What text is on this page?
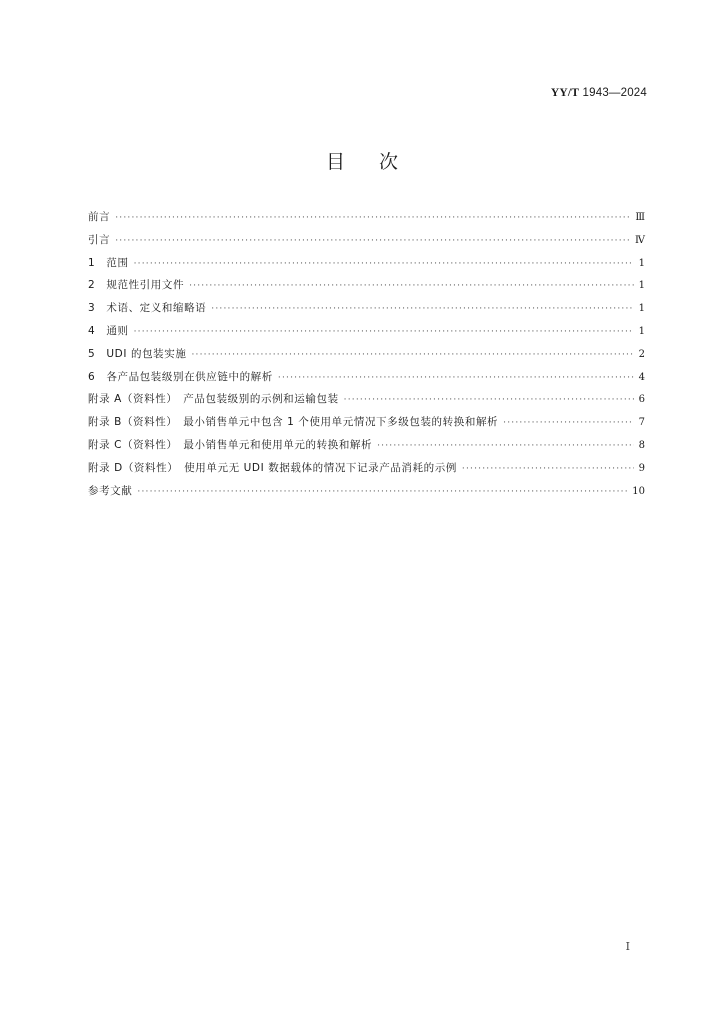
YY/T 1943—2024
目次
前言 ·····	Ⅲ
引言 ·····	Ⅳ
1　范围 ·····	1
2　规范性引用文件 ·····	1
3　术语、定义和缩略语 ·····	1
4　通则 ·····	1
5　UDI 的包装实施 ·····	2
6　各产品包装级别在供应链中的解析 ·····	4
附录 A（资料性）　产品包装级别的示例和运输包装 ·····	6
附录 B（资料性）　最小销售单元中包含 1 个使用单元情况下多级包装的转换和解析 ·····	7
附录 C（资料性）　最小销售单元和使用单元的转换和解析 ·····	8
附录 D（资料性）　使用单元无 UDI 数据载体的情况下记录产品消耗的示例 ·····	9
参考文献 ·····	10
I
